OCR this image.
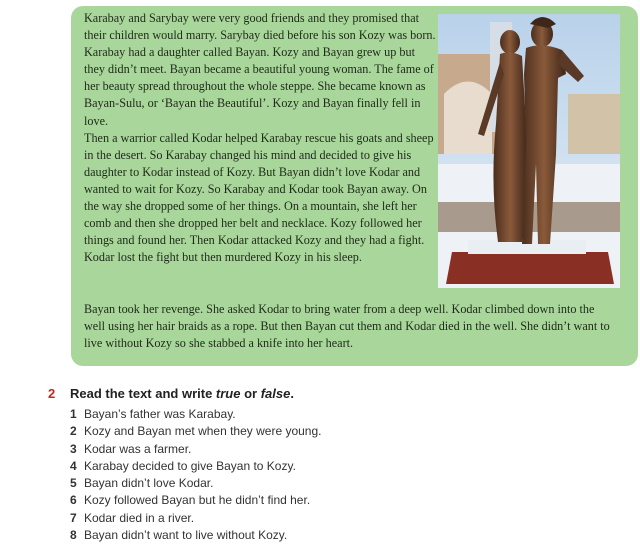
Karabay and Sarybay were very good friends and they promised that their children would marry. Sarybay died before his son Kozy was born. Karabay had a daughter called Bayan. Kozy and Bayan grew up but they didn’t meet. Bayan became a beautiful young woman. The fame of her beauty spread throughout the whole steppe. She became known as Bayan-Sulu, or ‘Bayan the Beautiful’. Kozy and Bayan finally fell in love.

Then a warrior called Kodar helped Karabay rescue his goats and sheep in the desert. So Karabay changed his mind and decided to give his daughter to Kodar instead of Kozy. But Bayan didn’t love Kodar and wanted to wait for Kozy. So Karabay and Kodar took Bayan away. On the way she dropped some of her things. On a mountain, she left her comb and then she dropped her belt and necklace. Kozy followed her things and found her. Then Kodar attacked Kozy and they had a fight. Kodar lost the fight but then murdered Kozy in his sleep.

Bayan took her revenge. She asked Kodar to bring water from a deep well. Kodar climbed down into the well using her hair braids as a rope. But then Bayan cut them and Kodar died in the well. She didn’t want to live without Kozy so she stabbed a knife into her heart.

2 Read the text and write true or false.
1 Bayan’s father was Karabay.
2 Kozy and Bayan met when they were young.
3 Kodar was a farmer.
4 Karabay decided to give Bayan to Kozy.
5 Bayan didn’t love Kodar.
6 Kozy followed Bayan but he didn’t find her.
7 Kodar died in a river.
8 Bayan didn’t want to live without Kozy.
